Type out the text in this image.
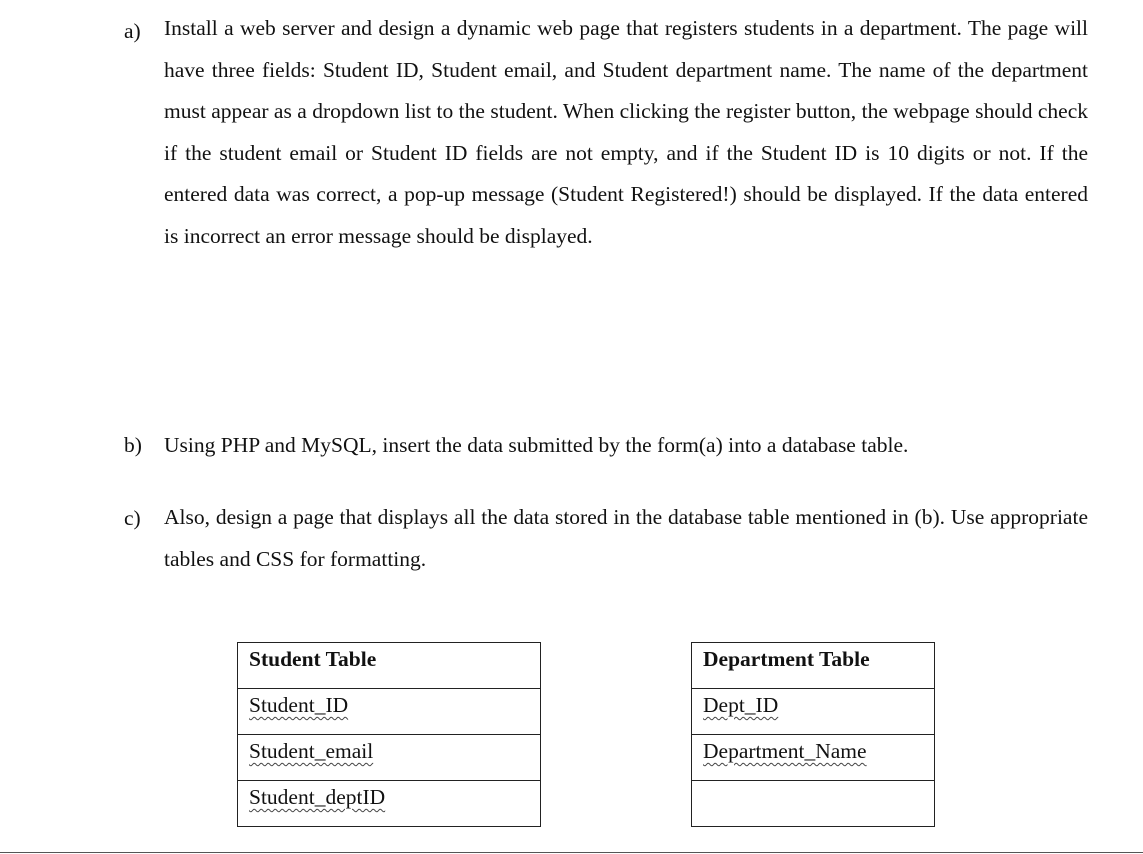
a) Install a web server and design a dynamic web page that registers students in a department. The page will have three fields: Student ID, Student email, and Student department name. The name of the department must appear as a dropdown list to the student. When clicking the register button, the webpage should check if the student email or Student ID fields are not empty, and if the Student ID is 10 digits or not. If the entered data was correct, a pop-up message (Student Registered!) should be displayed. If the data entered is incorrect an error message should be displayed.

b) Using PHP and MySQL, insert the data submitted by the form(a) into a database table.

c) Also, design a page that displays all the data stored in the database table mentioned in (b). Use appropriate tables and CSS for formatting.

Student Table
Student_ID
Student_email
Student_deptID
Department Table
Dept_ID
Department_Name
